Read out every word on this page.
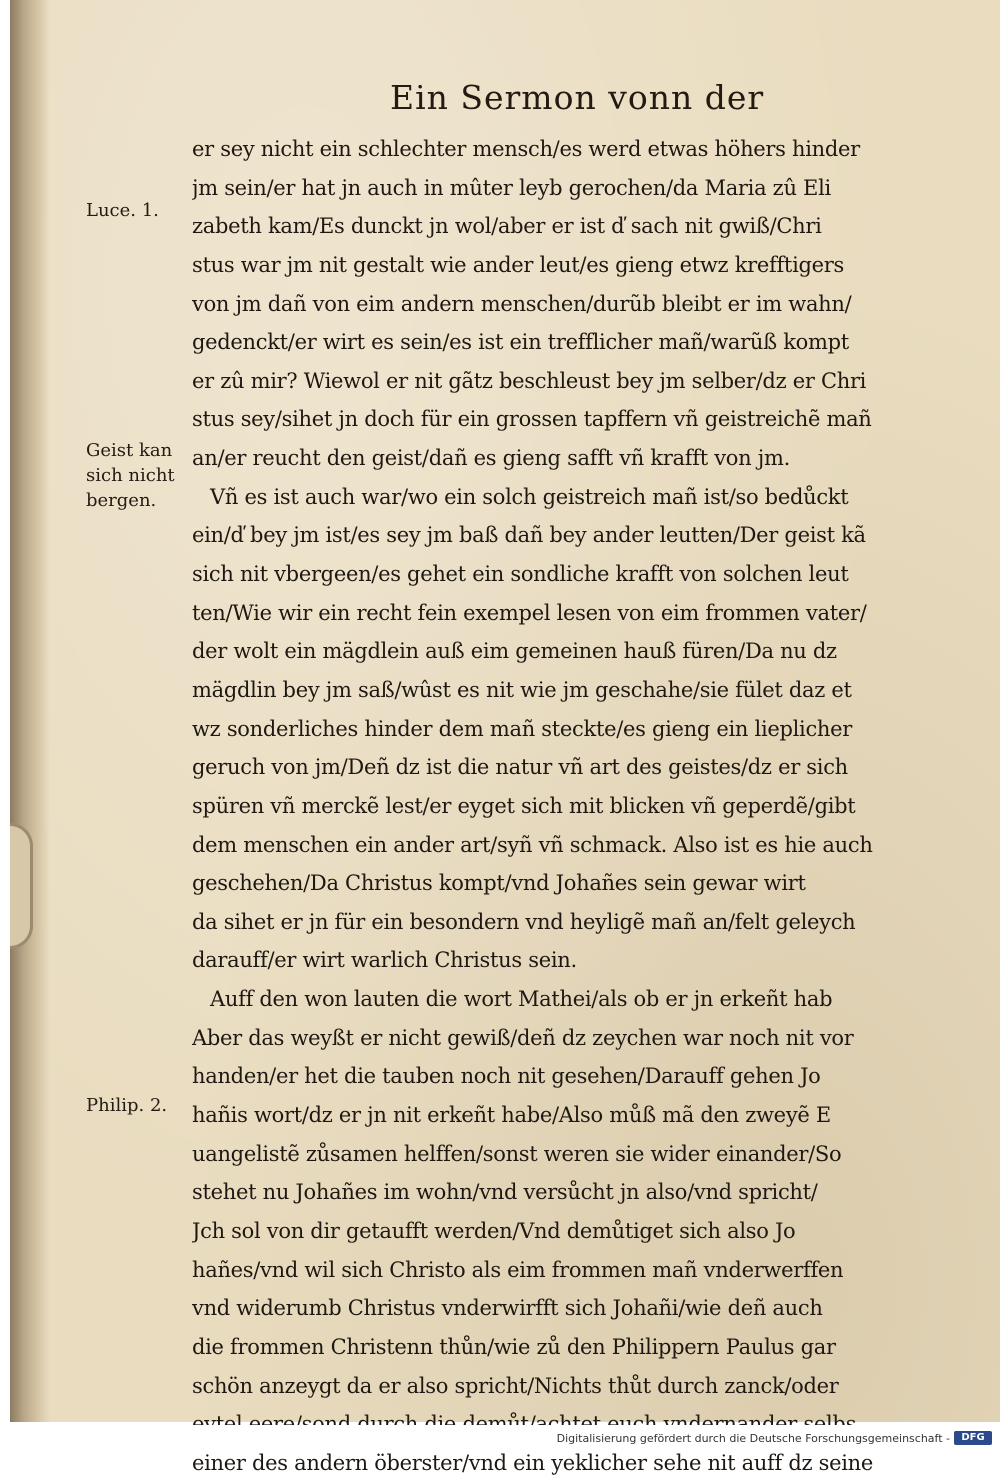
Ein Sermon vonn der
Luce. 1.
Geist kan
sich nicht
bergen.
Philip. 2.
er sey nicht ein schlechter mensch/es werd etwas höhers hinder
jm sein/er hat jn auch in mûter leyb gerochen/da Maria zû Eli
zabeth kam/Es dunckt jn wol/aber er ist ď sach nit gwiß/Chri
stus war jm nit gestalt wie ander leut/es gieng etwz krefftigers
von jm dañ von eim andern menschen/durũb bleibt er im wahn/
gedenckt/er wirt es sein/es ist ein trefflicher mañ/warũß kompt
er zû mir? Wiewol er nit gãtz beschleust bey jm selber/dz er Chri
stus sey/sihet jn doch für ein grossen tapffern vñ geistreichẽ mañ
an/er reucht den geist/dañ es gieng safft vñ krafft von jm.
Vñ es ist auch war/wo ein solch geistreich mañ ist/so bedůckt
ein/ď bey jm ist/es sey jm baß dañ bey ander leutten/Der geist kã
sich nit vbergeen/es gehet ein sondliche krafft von solchen leut
ten/Wie wir ein recht fein exempel lesen von eim frommen vater/
der wolt ein mägdlein auß eim gemeinen hauß füren/Da nu dz
mägdlin bey jm saß/wûst es nit wie jm geschahe/sie fület daz et
wz sonderliches hinder dem mañ steckte/es gieng ein lieplicher
geruch von jm/Deñ dz ist die natur vñ art des geistes/dz er sich
spüren vñ merckẽ lest/er eyget sich mit blicken vñ geperdẽ/gibt
dem menschen ein ander art/syñ vñ schmack. Also ist es hie auch
geschehen/Da Christus kompt/vnd Johañes sein gewar wirt
da sihet er jn für ein besondern vnd heyligẽ mañ an/felt geleych
darauff/er wirt warlich Christus sein.
Auff den won lauten die wort Mathei/als ob er jn erkeñt hab
Aber das weyßt er nicht gewiß/deñ dz zeychen war noch nit vor
handen/er het die tauben noch nit gesehen/Darauff gehen Jo
hañis wort/dz er jn nit erkeñt habe/Also můß mã den zweyẽ E
uangelistẽ zůsamen helffen/sonst weren sie wider einander/So
stehet nu Johañes im wohn/vnd versůcht jn also/vnd spricht/
Jch sol von dir getaufft werden/Vnd demůtiget sich also Jo
hañes/vnd wil sich Christo als eim frommen mañ vnderwerffen
vnd widerumb Christus vnderwirfft sich Johañi/wie deñ auch
die frommen Christenn thůn/wie zů den Philippern Paulus gar
schön anzeygt da er also spricht/Nichts thůt durch zanck/oder
einer des andern öberster/vnd ein yeklicher sehe nit auff dz seine
Digitalisierung gefördert durch die Deutsche Forschungsgemeinschaft -	DFG
